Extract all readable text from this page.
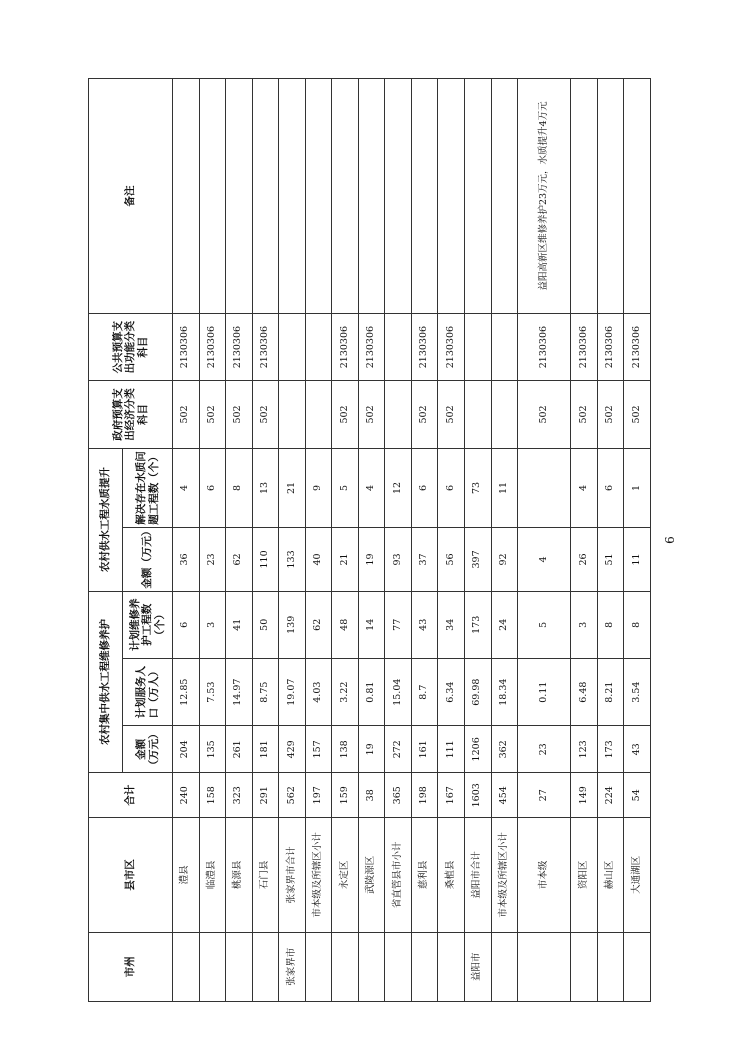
市州	县市区	合计	农村集中供水工程维修养护			农村供水工程水质提升		政府预算支出经济分类科目	公共预算支出功能分类科目	备注
			金额（万元）	计划服务人口（万人）	计划维修养护工程数（个）	金额（万元）	解决存在水质问题工程数（个）			
	澧县	240	204	12.85	6	36	4	502	2130306	
	临澧县	158	135	7.53	3	23	6	502	2130306	
	桃源县	323	261	14.97	41	62	8	502	2130306	
	石门县	291	181	8.75	50	110	13	502	2130306	
张家界市	张家界市合计	562	429	19.07	139	133	21			
	市本级及所辖区小计	197	157	4.03	62	40	9			
	永定区	159	138	3.22	48	21	5	502	2130306	
	武陵源区	38	19	0.81	14	19	4	502	2130306	
	省直管县市小计	365	272	15.04	77	93	12			
	慈利县	198	161	8.7	43	37	6	502	2130306	
	桑植县	167	111	6.34	34	56	6	502	2130306	
益阳市	益阳市合计	1603	1206	69.98	173	397	73			
	市本级及所辖区小计	454	362	18.34	24	92	11			
	市本级	27	23	0.11	5	4		502	2130306	益阳高新区维修养护23万元，水质提升4万元
	资阳区	149	123	6.48	3	26	4	502	2130306	
	赫山区	224	173	8.21	8	51	6	502	2130306	
	大通湖区	54	43	3.54	8	11	1	502	2130306	
6
